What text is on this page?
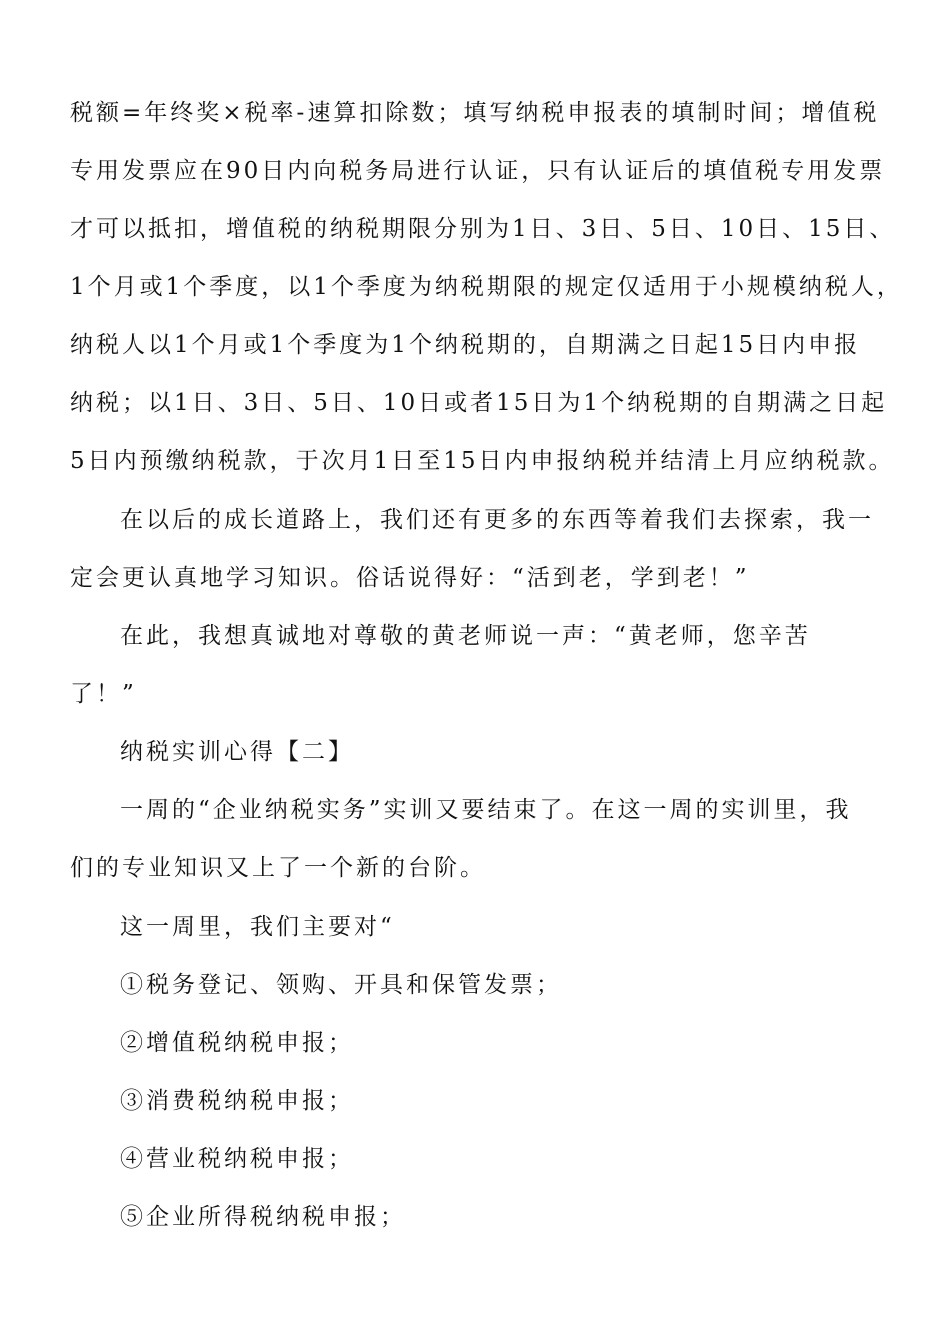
税额=年终奖×税率-速算扣除数；填写纳税申报表的填制时间；增值税
专用发票应在90日内向税务局进行认证，只有认证后的填值税专用发票
才可以抵扣，增值税的纳税期限分别为1日、3日、5日、10日、15日、
1个月或1个季度，以1个季度为纳税期限的规定仅适用于小规模纳税人，
纳税人以1个月或1个季度为1个纳税期的，自期满之日起15日内申报
纳税；以1日、3日、5日、10日或者15日为1个纳税期的自期满之日起
5日内预缴纳税款，于次月1日至15日内申报纳税并结清上月应纳税款。
在以后的成长道路上，我们还有更多的东西等着我们去探索，我一
定会更认真地学习知识。俗话说得好：“活到老，学到老！”
在此，我想真诚地对尊敬的黄老师说一声：“黄老师，您辛苦
了！”
纳税实训心得【二】
一周的“企业纳税实务”实训又要结束了。在这一周的实训里，我
们的专业知识又上了一个新的台阶。
这一周里，我们主要对“
①税务登记、领购、开具和保管发票；
②增值税纳税申报；
③消费税纳税申报；
④营业税纳税申报；
⑤企业所得税纳税申报；
